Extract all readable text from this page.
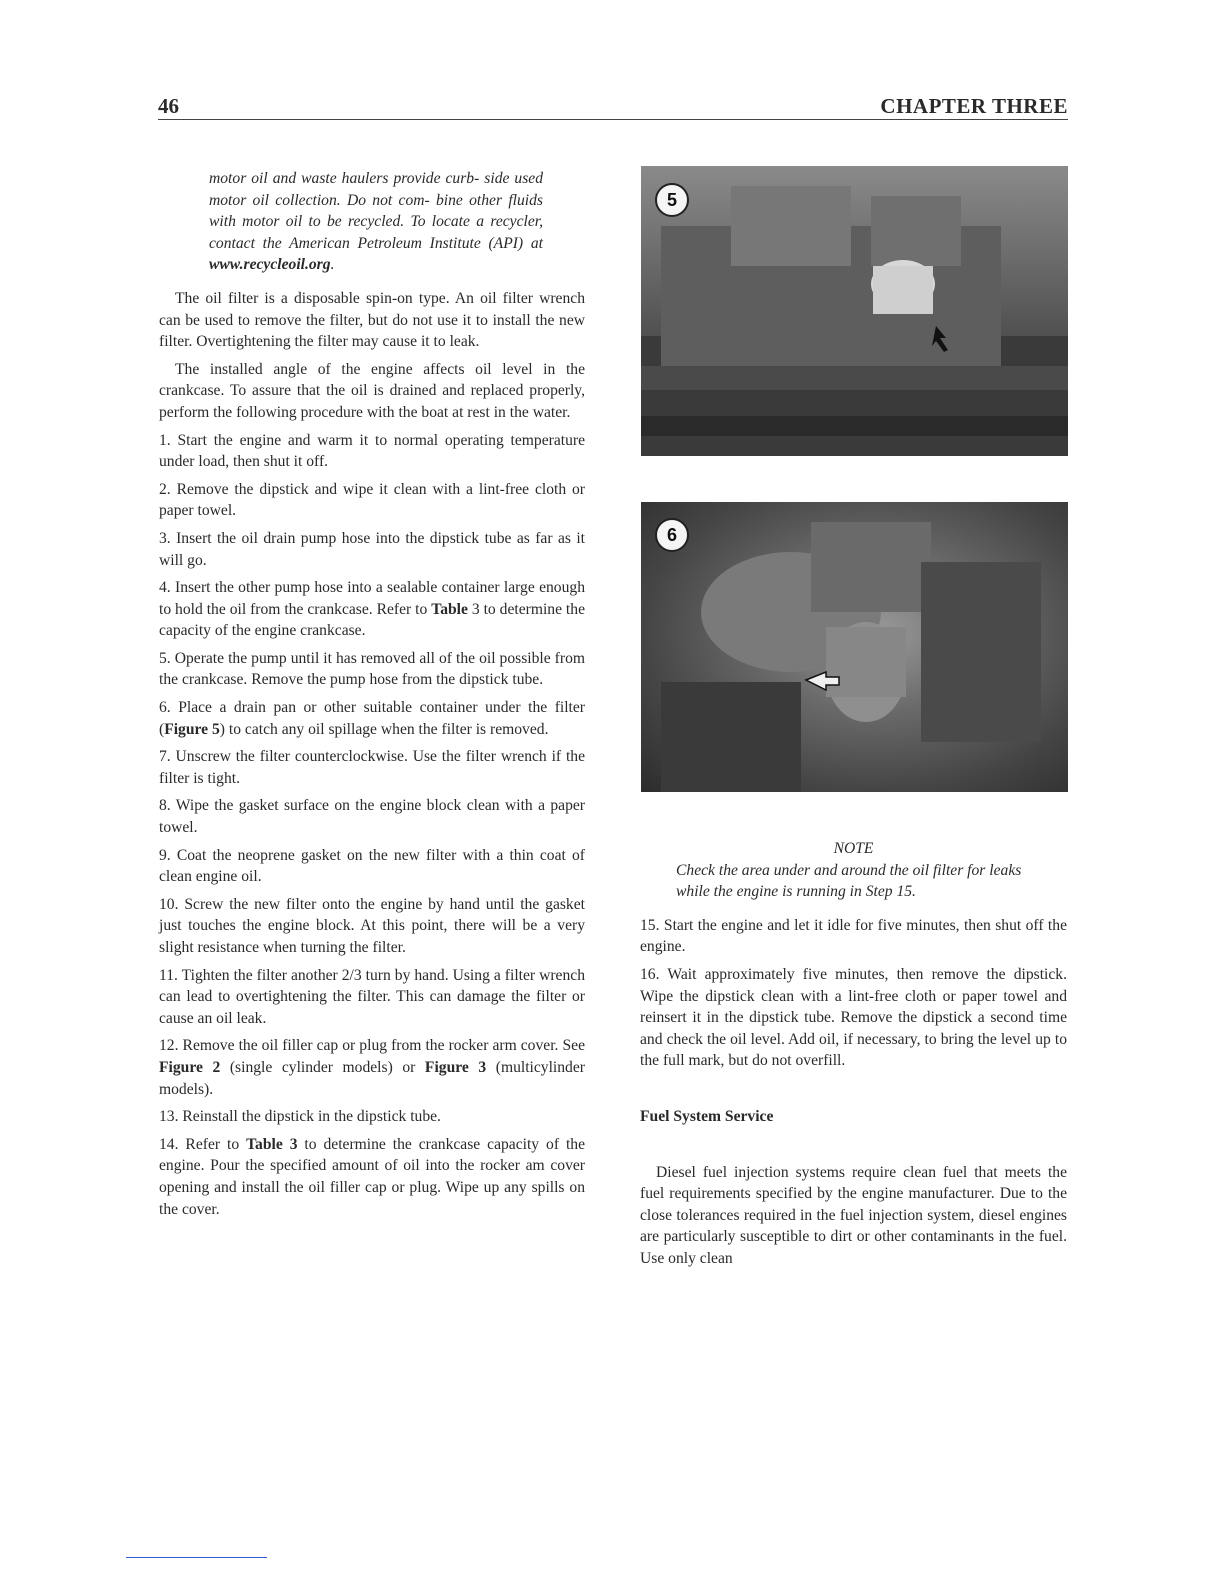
46	CHAPTER THREE
motor oil and waste haulers provide curb- side used motor oil collection. Do not com- bine other fluids with motor oil to be recycled. To locate a recycler, contact the American Petroleum Institute (API) at www.recycleoil.org.

The oil filter is a disposable spin-on type. An oil filter wrench can be used to remove the filter, but do not use it to install the new filter. Overtightening the filter may cause it to leak.

The installed angle of the engine affects oil level in the crankcase. To assure that the oil is drained and replaced properly, perform the following procedure with the boat at rest in the water.

1. Start the engine and warm it to normal operating temperature under load, then shut it off.

2. Remove the dipstick and wipe it clean with a lint-free cloth or paper towel.

3. Insert the oil drain pump hose into the dipstick tube as far as it will go.

4. Insert the other pump hose into a sealable container large enough to hold the oil from the crankcase. Refer to Table 3 to determine the capacity of the engine crankcase.

5. Operate the pump until it has removed all of the oil possible from the crankcase. Remove the pump hose from the dipstick tube.

6. Place a drain pan or other suitable container under the filter (Figure 5) to catch any oil spillage when the filter is removed.

7. Unscrew the filter counterclockwise. Use the filter wrench if the filter is tight.

8. Wipe the gasket surface on the engine block clean with a paper towel.

9. Coat the neoprene gasket on the new filter with a thin coat of clean engine oil.

10. Screw the new filter onto the engine by hand until the gasket just touches the engine block. At this point, there will be a very slight resistance when turning the filter.

11. Tighten the filter another 2/3 turn by hand. Using a filter wrench can lead to overtightening the filter. This can damage the filter or cause an oil leak.

12. Remove the oil filler cap or plug from the rocker arm cover. See Figure 2 (single cylinder models) or Figure 3 (multicylinder models).

13. Reinstall the dipstick in the dipstick tube.

14. Refer to Table 3 to determine the crankcase capacity of the engine. Pour the specified amount of oil into the rocker am cover opening and install the oil filler cap or plug. Wipe up any spills on the cover.

5
6

NOTE

Check the area under and around the oil filter for leaks while the engine is running in Step 15.

15. Start the engine and let it idle for five minutes, then shut off the engine.

16. Wait approximately five minutes, then remove the dipstick. Wipe the dipstick clean with a lint-free cloth or paper towel and reinsert it in the dipstick tube. Remove the dipstick a second time and check the oil level. Add oil, if necessary, to bring the level up to the full mark, but do not overfill.

Fuel System Service

Diesel fuel injection systems require clean fuel that meets the fuel requirements specified by the engine manufacturer. Due to the close tolerances required in the fuel injection system, diesel engines are particularly susceptible to dirt or other contaminants in the fuel. Use only clean
